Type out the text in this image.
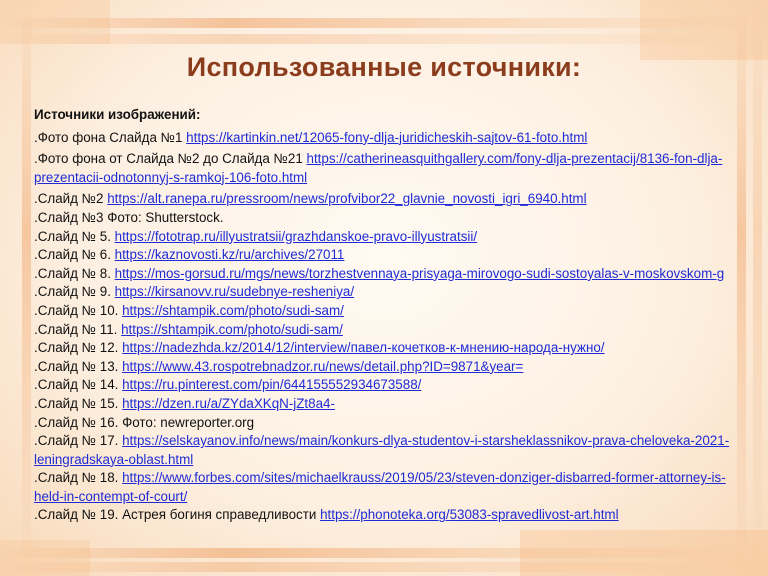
Использованные источники:
Источники изображений:

.Фото фона Слайда №1 https://kartinkin.net/12065-fony-dlja-juridicheskih-sajtov-61-foto.html

.Фото фона от Слайда №2 до Слайда №21 https://catherineasquithgallery.com/fony-dlja-prezentacij/8136-fon-dlja-prezentacii-odnotonnyj-s-ramkoj-106-foto.html

.Слайд №2 https://alt.ranepa.ru/pressroom/news/profvibor22_glavnie_novosti_igri_6940.html

.Слайд №3 Фото: Shutterstock.

.Слайд № 5. https://fototrap.ru/illyustratsii/grazhdanskoe-pravo-illyustratsii/

.Слайд № 6. https://kaznovosti.kz/ru/archives/27011

.Слайд № 8. https://mos-gorsud.ru/mgs/news/torzhestvennaya-prisyaga-mirovogo-sudi-sostoyalas-v-moskovskom-g

.Слайд № 9. https://kirsanovv.ru/sudebnye-resheniya/

.Слайд № 10. https://shtampik.com/photo/sudi-sam/

.Слайд № 11. https://shtampik.com/photo/sudi-sam/

.Слайд № 12. https://nadezhda.kz/2014/12/interview/павел-кочетков-к-мнению-народа-нужно/

.Слайд № 13. https://www.43.rospotrebnadzor.ru/news/detail.php?ID=9871&year=

.Слайд № 14. https://ru.pinterest.com/pin/644155552934673588/

.Слайд № 15. https://dzen.ru/a/ZYdaXKqN-jZt8a4-

.Слайд № 16. Фото: newreporter.org

.Слайд № 17. https://selskayanov.info/news/main/konkurs-dlya-studentov-i-starsheklassnikov-prava-cheloveka-2021-leningradskaya-oblast.html

.Слайд № 18. https://www.forbes.com/sites/michaelkrauss/2019/05/23/steven-donziger-disbarred-former-attorney-is-held-in-contempt-of-court/

.Слайд № 19. Астрея богиня справедливости https://phonoteka.org/53083-spravedlivost-art.html
